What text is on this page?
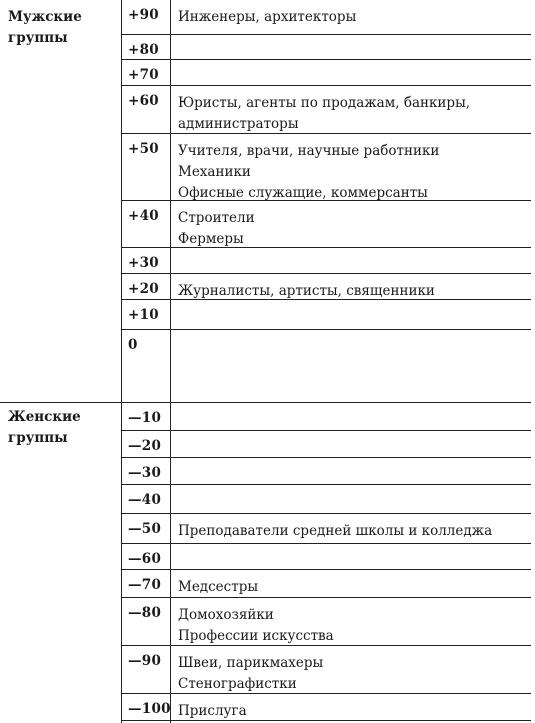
Мужские
группы
Женские
группы
+90 Инженеры, архитекторы
+80
+70
+60 Юристы, агенты по продажам, банкиры,
администраторы
+50 Учителя, врачи, научные работники
Механики
Офисные служащие, коммерсанты
+40 Строители
Фермеры
+30
+20 Журналисты, артисты, священники
+10
0
—10
—20
—30
—40
—50 Преподаватели средней школы и колледжа
—60
—70 Медсестры
—80 Домохозяйки
Профессии искусства
—90 Швеи, парикмахеры
Стенографистки
—100 Прислуга
